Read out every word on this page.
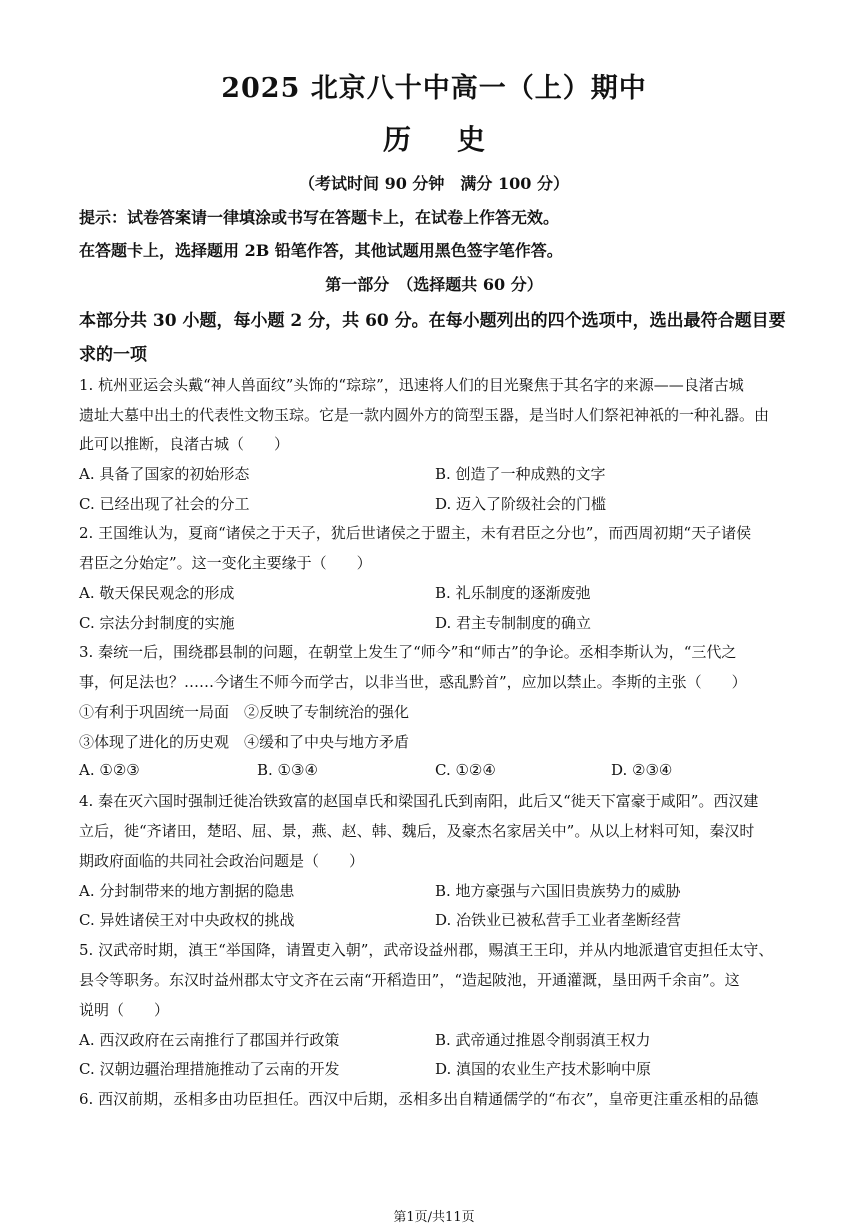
2025 北京八十中高一（上）期中
历 史
（考试时间 90 分钟　满分 100 分）
提示：试卷答案请一律填涂或书写在答题卡上，在试卷上作答无效。
在答题卡上，选择题用 2B 铅笔作答，其他试题用黑色签字笔作答。
第一部分　（选择题共 60 分）
本部分共 30 小题，每小题 2 分，共 60 分。在每小题列出的四个选项中，选出最符合题目要
求的一项
1. 杭州亚运会头戴“神人兽面纹”头饰的“琮琮”，迅速将人们的目光聚焦于其名字的来源——良渚古城
遗址大墓中出土的代表性文物玉琮。它是一款内圆外方的筒型玉器，是当时人们祭祀神祇的一种礼器。由
此可以推断，良渚古城（　　）
A. 具备了国家的初始形态	B. 创造了一种成熟的文字
C. 已经出现了社会的分工	D. 迈入了阶级社会的门槛
2. 王国维认为，夏商“诸侯之于天子，犹后世诸侯之于盟主，未有君臣之分也”，而西周初期“天子诸侯
君臣之分始定”。这一变化主要缘于（　　）
A. 敬天保民观念的形成	B. 礼乐制度的逐渐废弛
C. 宗法分封制度的实施	D. 君主专制制度的确立
3. 秦统一后，围绕郡县制的问题，在朝堂上发生了“师今”和“师古”的争论。丞相李斯认为，“三代之
事，何足法也？……今诸生不师今而学古，以非当世，惑乱黔首”，应加以禁止。李斯的主张（　　）
①有利于巩固统一局面　②反映了专制统治的强化
③体现了进化的历史观　④缓和了中央与地方矛盾
A. ①②③	B. ①③④	C. ①②④	D. ②③④
4. 秦在灭六国时强制迁徙冶铁致富的赵国卓氏和梁国孔氏到南阳，此后又“徙天下富豪于咸阳”。西汉建
立后，徙“齐诸田，楚昭、屈、景，燕、赵、韩、魏后，及豪杰名家居关中”。从以上材料可知，秦汉时
期政府面临的共同社会政治问题是（　　）
A. 分封制带来的地方割据的隐患	B. 地方豪强与六国旧贵族势力的威胁
C. 异姓诸侯王对中央政权的挑战	D. 冶铁业已被私营手工业者垄断经营
5. 汉武帝时期，滇王“举国降，请置吏入朝”，武帝设益州郡，赐滇王王印，并从内地派遣官吏担任太守、
县令等职务。东汉时益州郡太守文齐在云南“开稻造田”，“造起陂池，开通灌溉，垦田两千余亩”。这
说明（　　）
A. 西汉政府在云南推行了郡国并行政策	B. 武帝通过推恩令削弱滇王权力
C. 汉朝边疆治理措施推动了云南的开发	D. 滇国的农业生产技术影响中原
6. 西汉前期，丞相多由功臣担任。西汉中后期，丞相多出自精通儒学的“布衣”，皇帝更注重丞相的品德
第1页/共11页
